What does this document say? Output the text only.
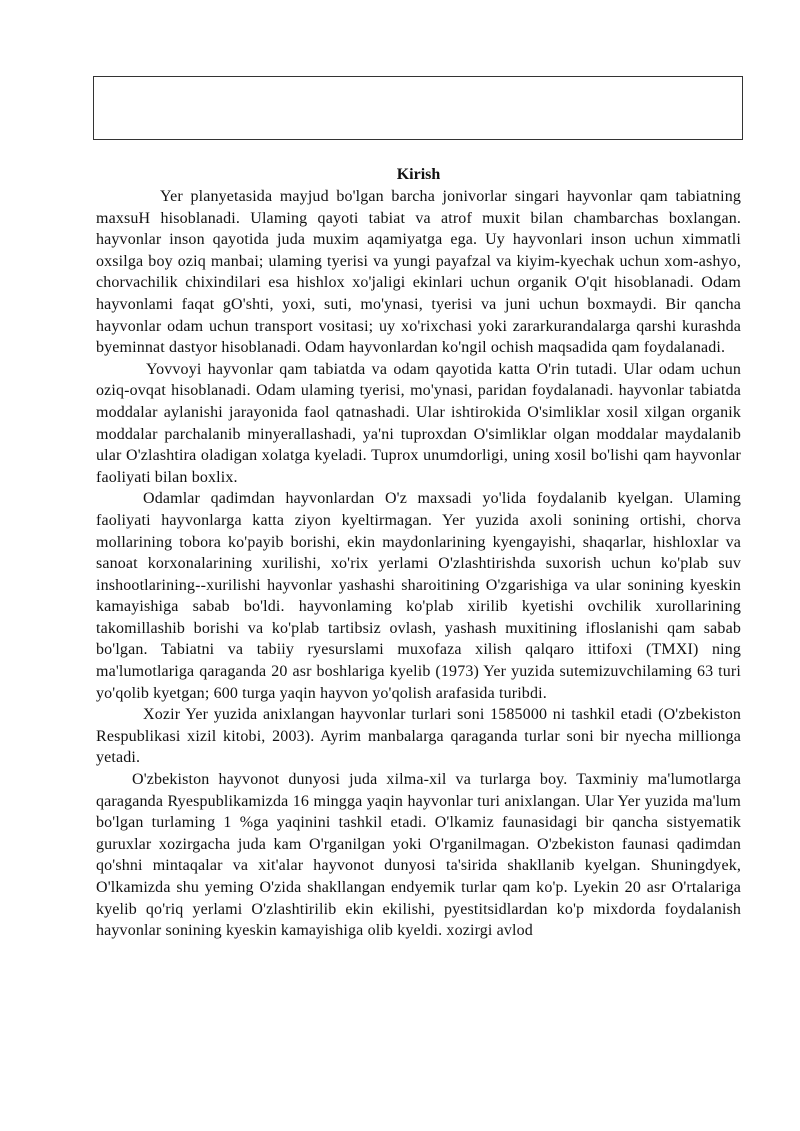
Kirish

Yer planyetasida mayjud bo'lgan barcha jonivorlar singari hayvonlar qam tabiatning maxsuH hisoblanadi. Ulaming qayoti tabiat va atrof muxit bilan chambarchas boxlangan. hayvonlar inson qayotida juda muxim aqamiyatga ega. Uy hayvonlari inson uchun ximmatli oxsilga boy oziq manbai; ulaming tyerisi va yungi payafzal va kiyim-kyechak uchun xom-ashyo, chorvachilik chixindilari esa hishlox xo'jaligi ekinlari uchun organik O'qit hisoblanadi. Odam hayvonlami faqat gO'shti, yoxi, suti, mo'ynasi, tyerisi va juni uchun boxmaydi. Bir qancha hayvonlar odam uchun transport vositasi; uy xo'rixchasi yoki zararkurandalarga qarshi kurashda byeminnat dastyor hisoblanadi. Odam hayvonlardan ko'ngil ochish maqsadida qam foydalanadi.

Yovvoyi hayvonlar qam tabiatda va odam qayotida katta O'rin tutadi. Ular odam uchun oziq-ovqat hisoblanadi. Odam ulaming tyerisi, mo'ynasi, paridan foydalanadi. hayvonlar tabiatda moddalar aylanishi jarayonida faol qatnashadi. Ular ishtirokida O'simliklar xosil xilgan organik moddalar parchalanib minyerallashadi, ya'ni tuproxdan O'simliklar olgan moddalar maydalanib ular O'zlashtira oladigan xolatga kyeladi. Tuprox unumdorligi, uning xosil bo'lishi qam hayvonlar faoliyati bilan boxlix.

Odamlar qadimdan hayvonlardan O'z maxsadi yo'lida foydalanib kyelgan. Ulaming faoliyati hayvonlarga katta ziyon kyeltirmagan. Yer yuzida axoli sonining ortishi, chorva mollarining tobora ko'payib borishi, ekin maydonlarining kyengayishi, shaqarlar, hishloxlar va sanoat korxonalarining xurilishi, xo'rix yerlami O'zlashtirishda suxorish uchun ko'plab suv inshootlarining--xurilishi hayvonlar yashashi sharoitining O'zgarishiga va ular sonining kyeskin kamayishiga sabab bo'ldi. hayvonlaming ko'plab xirilib kyetishi ovchilik xurollarining takomillashib borishi va ko'plab tartibsiz ovlash, yashash muxitining ifloslanishi qam sabab bo'lgan. Tabiatni va tabiiy ryesurslami muxofaza xilish qalqaro ittifoxi (TMXI) ning ma'lumotlariga qaraganda 20 asr boshlariga kyelib (1973) Yer yuzida sutemizuvchilaming 63 turi yo'qolib kyetgan; 600 turga yaqin hayvon yo'qolish arafasida turibdi.

Xozir Yer yuzida anixlangan hayvonlar turlari soni 1585000 ni tashkil etadi (O'zbekiston Respublikasi xizil kitobi, 2003). Ayrim manbalarga qaraganda turlar soni bir nyecha millionga yetadi.

O'zbekiston hayvonot dunyosi juda xilma-xil va turlarga boy. Taxminiy ma'lumotlarga qaraganda Ryespublikamizda 16 mingga yaqin hayvonlar turi anixlangan. Ular Yer yuzida ma'lum bo'lgan turlaming 1 %ga yaqinini tashkil etadi. O'lkamiz faunasidagi bir qancha sistyematik guruxlar xozirgacha juda kam O'rganilgan yoki O'rganilmagan. O'zbekiston faunasi qadimdan qo'shni mintaqalar va xit'alar hayvonot dunyosi ta'sirida shakllanib kyelgan. Shuningdyek, O'lkamizda shu yeming O'zida shakllangan endyemik turlar qam ko'p. Lyekin 20 asr O'rtalariga kyelib qo'riq yerlami O'zlashtirilib ekin ekilishi, pyestitsidlardan ko'p mixdorda foydalanish hayvonlar sonining kyeskin kamayishiga olib kyeldi. xozirgi avlod
